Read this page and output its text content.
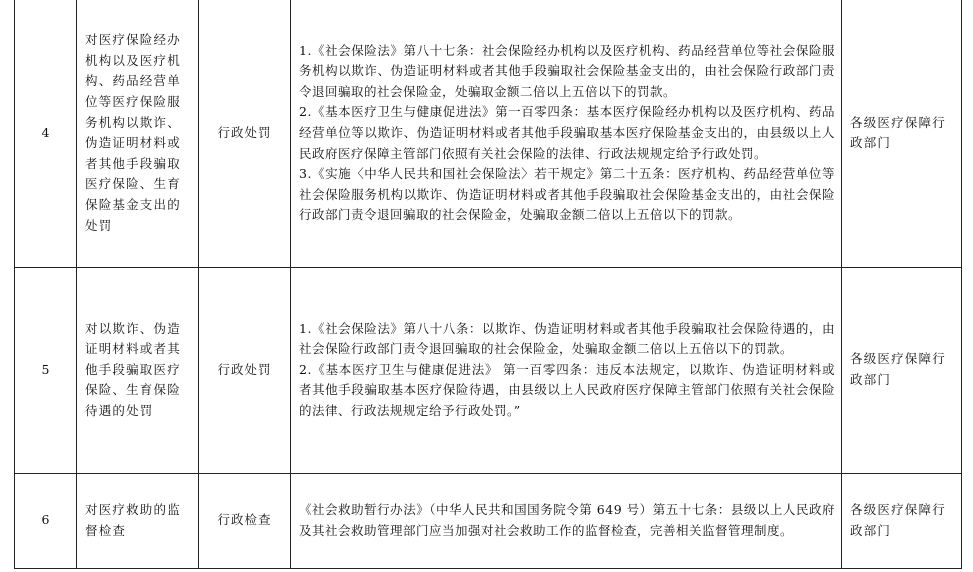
4	对医疗保险经办机构以及医疗机构、药品经营单位等医疗保险服务机构以欺诈、伪造证明材料或者其他手段骗取医疗保险、生育保险基金支出的处罚	行政处罚	1.《社会保险法》第八十七条：社会保险经办机构以及医疗机构、药品经营单位等社会保险服务机构以欺诈、伪造证明材料或者其他手段骗取社会保险基金支出的，由社会保险行政部门责令退回骗取的社会保险金，处骗取金额二倍以上五倍以下的罚款。

2.《基本医疗卫生与健康促进法》第一百零四条：基本医疗保险经办机构以及医疗机构、药品经营单位等以欺诈、伪造证明材料或者其他手段骗取基本医疗保险基金支出的，由县级以上人民政府医疗保障主管部门依照有关社会保险的法律、行政法规规定给予行政处罚。

3.《实施〈中华人民共和国社会保险法〉若干规定》第二十五条：医疗机构、药品经营单位等社会保险服务机构以欺诈、伪造证明材料或者其他手段骗取社会保险基金支出的，由社会保险行政部门责令退回骗取的社会保险金，处骗取金额二倍以上五倍以下的罚款。	各级医疗保障行政部门
5	对以欺诈、伪造证明材料或者其他手段骗取医疗保险、生育保险待遇的处罚	行政处罚	1.《社会保险法》第八十八条：以欺诈、伪造证明材料或者其他手段骗取社会保险待遇的，由社会保险行政部门责令退回骗取的社会保险金，处骗取金额二倍以上五倍以下的罚款。

2.《基本医疗卫生与健康促进法》 第一百零四条：违反本法规定，以欺诈、伪造证明材料或者其他手段骗取基本医疗保险待遇，由县级以上人民政府医疗保障主管部门依照有关社会保险的法律、行政法规规定给予行政处罚。”	各级医疗保障行政部门
6	对医疗救助的监督检查	行政检查	《社会救助暂行办法》（中华人民共和国国务院令第 649 号）第五十七条：县级以上人民政府及其社会救助管理部门应当加强对社会救助工作的监督检查，完善相关监督管理制度。	各级医疗保障行政部门
